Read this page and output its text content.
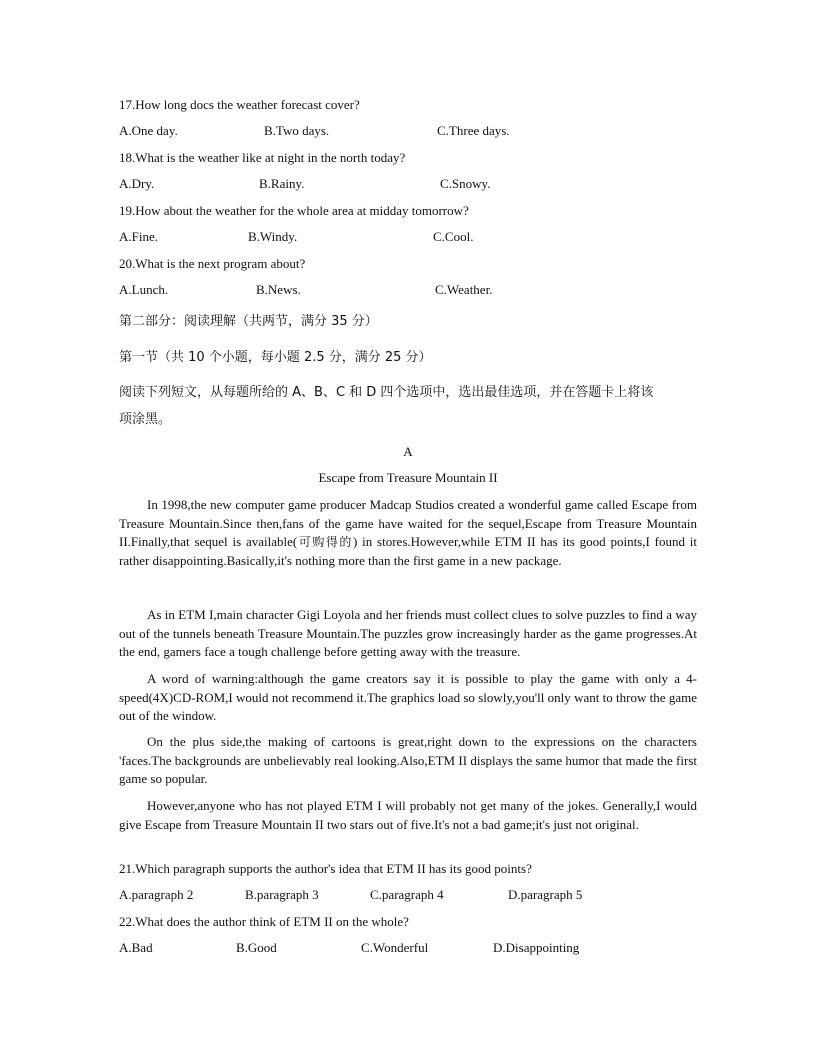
17.How long docs the weather forecast cover?
A.One day.	B.Two days.	C.Three days.
18.What is the weather like at night in the north today?
A.Dry.	B.Rainy.	C.Snowy.
19.How about the weather for the whole area at midday tomorrow?
A.Fine.	B.Windy.	C.Cool.
20.What is the next program about?
A.Lunch.	B.News.	C.Weather.
第二部分：阅读理解（共两节，满分 35 分）
第一节（共 10 个小题，每小题 2.5 分，满分 25 分）
阅读下列短文，从每题所给的 A、B、C 和 D 四个选项中，选出最佳选项，并在答题卡上将该
项涂黑。
A
Escape from Treasure Mountain II

In 1998,the new computer game producer Madcap Studios created a wonderful game called Escape from Treasure Mountain.Since then,fans of the game have waited for the sequel,Escape from Treasure Mountain II.Finally,that sequel is available(可购得的) in stores.However,while ETM II has its good points,I found it rather disappointing.Basically,it's nothing more than the first game in a new package.

As in ETM I,main character Gigi Loyola and her friends must collect clues to solve puzzles to find a way out of the tunnels beneath Treasure Mountain.The puzzles grow increasingly harder as the game progresses.At the end, gamers face a tough challenge before getting away with the treasure.

A word of warning:although the game creators say it is possible to play the game with only a 4-speed(4X)CD-ROM,I would not recommend it.The graphics load so slowly,you'll only want to throw the game out of the window.

On the plus side,the making of cartoons is great,right down to the expressions on the characters 'faces.The backgrounds are unbelievably real looking.Also,ETM II displays the same humor that made the first game so popular.

However,anyone who has not played ETM I will probably not get many of the jokes. Generally,I would give Escape from Treasure Mountain II two stars out of five.It's not a bad game;it's just not original.

21.Which paragraph supports the author's idea that ETM II has its good points?
A.paragraph 2	B.paragraph 3	C.paragraph 4	D.paragraph 5
22.What does the author think of ETM II on the whole?
A.Bad	B.Good	C.Wonderful	D.Disappointing
